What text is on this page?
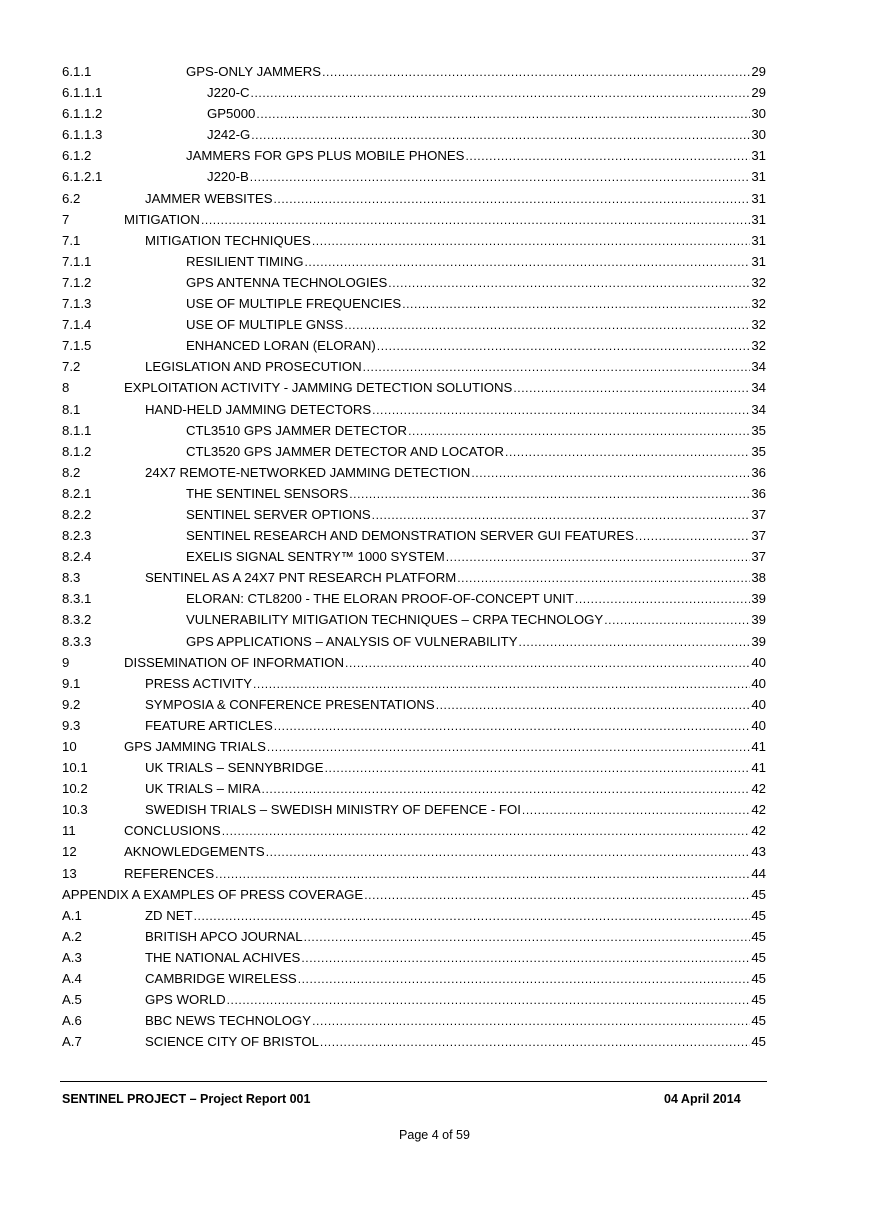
6.1.1	GPS-ONLY JAMMERS .....	29
6.1.1.1	J220-C .....	29
6.1.1.2	GP5000 .....	30
6.1.1.3	J242-G .....	30
6.1.2	JAMMERS FOR GPS PLUS MOBILE PHONES .....	31
6.1.2.1	J220-B .....	31
6.2	JAMMER WEBSITES .....	31
7	MITIGATION .....	31
7.1	MITIGATION TECHNIQUES .....	31
7.1.1	RESILIENT TIMING .....	31
7.1.2	GPS ANTENNA TECHNOLOGIES .....	32
7.1.3	USE OF MULTIPLE FREQUENCIES .....	32
7.1.4	USE OF MULTIPLE GNSS .....	32
7.1.5	ENHANCED LORAN (ELORAN) .....	32
7.2	LEGISLATION AND PROSECUTION .....	34
8	EXPLOITATION ACTIVITY - JAMMING DETECTION SOLUTIONS .....	34
8.1	HAND-HELD JAMMING DETECTORS .....	34
8.1.1	CTL3510 GPS JAMMER DETECTOR .....	35
8.1.2	CTL3520 GPS JAMMER DETECTOR AND LOCATOR .....	35
8.2	24X7 REMOTE-NETWORKED JAMMING DETECTION .....	36
8.2.1	THE SENTINEL SENSORS .....	36
8.2.2	SENTINEL SERVER OPTIONS .....	37
8.2.3	SENTINEL RESEARCH AND DEMONSTRATION SERVER GUI FEATURES .....	37
8.2.4	EXELIS SIGNAL SENTRY™ 1000 SYSTEM .....	37
8.3	SENTINEL AS A 24X7 PNT RESEARCH PLATFORM .....	38
8.3.1	ELORAN: CTL8200 - THE ELORAN PROOF-OF-CONCEPT UNIT .....	39
8.3.2	VULNERABILITY MITIGATION TECHNIQUES – CRPA TECHNOLOGY .....	39
8.3.3	GPS APPLICATIONS – ANALYSIS OF VULNERABILITY .....	39
9	DISSEMINATION OF INFORMATION .....	40
9.1	PRESS ACTIVITY .....	40
9.2	SYMPOSIA & CONFERENCE PRESENTATIONS .....	40
9.3	FEATURE ARTICLES .....	40
10	GPS JAMMING TRIALS .....	41
10.1	UK TRIALS – SENNYBRIDGE .....	41
10.2	UK TRIALS – MIRA .....	42
10.3	SWEDISH TRIALS – SWEDISH MINISTRY OF DEFENCE - FOI .....	42
11	CONCLUSIONS .....	42
12	AKNOWLEDGEMENTS .....	43
13	REFERENCES .....	44
APPENDIX A EXAMPLES OF PRESS COVERAGE .....	45
A.1	ZD NET .....	45
A.2	BRITISH APCO JOURNAL .....	45
A.3	THE NATIONAL ACHIVES .....	45
A.4	CAMBRIDGE WIRELESS .....	45
A.5	GPS WORLD .....	45
A.6	BBC NEWS TECHNOLOGY .....	45
A.7	SCIENCE CITY OF BRISTOL .....	45
SENTINEL PROJECT – Project Report 001	04 April 2014
Page 4 of 59
